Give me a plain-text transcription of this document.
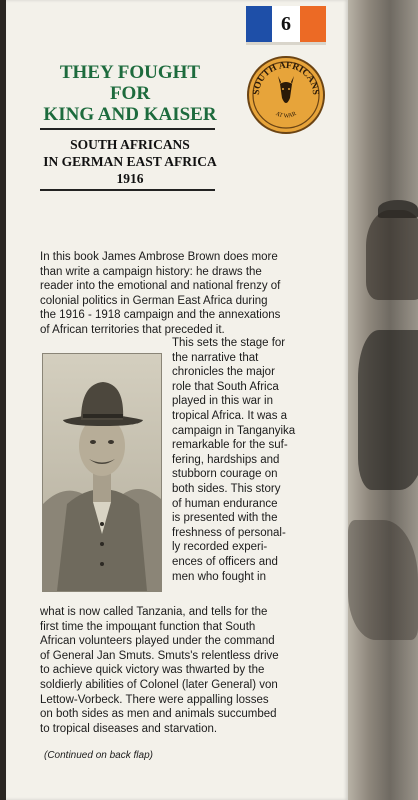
6
SOUTH AFRICANS
AT WAR
THEY FOUGHT
FOR
KING AND KAISER
SOUTH AFRICANS
IN GERMAN EAST AFRICA
1916
In this book James Ambrose Brown does more
than write a campaign history: he draws the
reader into the emotional and national frenzy of
colonial politics in German East Africa during
the 1916 - 1918 campaign and the annexations
of African territories that preceded it.
This sets the stage for
the narrative that
chronicles the major
role that South Africa
played in this war in
tropical Africa. It was a
campaign in Tanganyika
remarkable for the suf-
fering, hardships and
stubborn courage on
both sides. This story
of human endurance
is presented with the
freshness of personal-
ly recorded experi-
ences of officers and
men who fought in
what is now called Tanzania, and tells for the
first time the impoщant function that South
African volunteers played under the command
of General Jan Smuts. Smuts's relentless drive
to achieve quick victory was thwarted by the
soldierly abilities of Colonel (later General) von
Lettow-Vorbeck. There were appalling losses
on both sides as men and animals succumbed
to tropical diseases and starvation.
(Continued on back flap)
